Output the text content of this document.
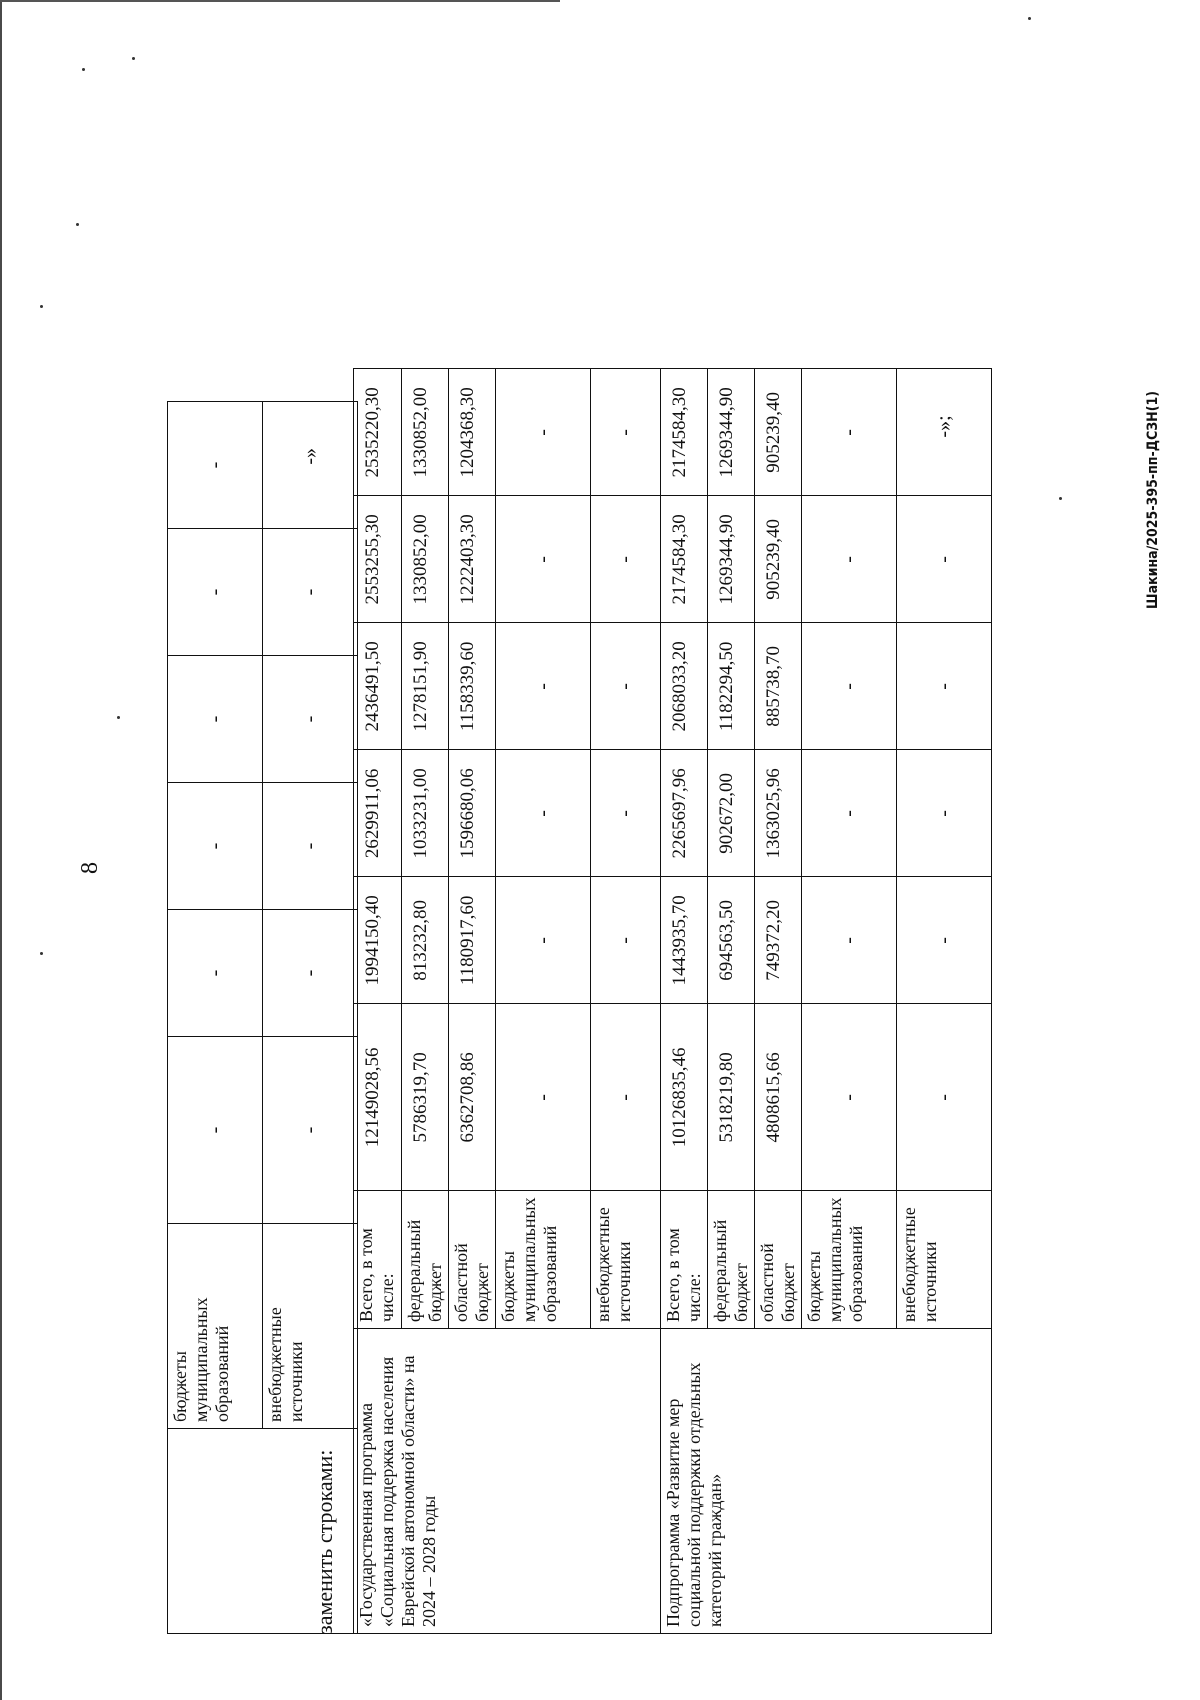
8
	бюджеты муниципальных образований	-	-	-	-	-	-
	внебюджетные источники	-	-	-	-	-	-»
заменить строками: «Государственная программа «Социальная поддержка населения Еврейской автономной области» на 2024 – 2028 годы	Всего, в том числе:	12149028,56	1994150,40	2629911,06	2436491,50	2553255,30	2535220,30
	федеральный бюджет	5786319,70	813232,80	1033231,00	1278151,90	1330852,00	1330852,00
	областной бюджет	6362708,86	1180917,60	1596680,06	1158339,60	1222403,30	1204368,30
	бюджеты муниципальных образований	-	-	-	-	-	-
	внебюджетные источники	-	-	-	-	-	-
Подпрограмма «Развитие мер социальной поддержки отдельных категорий граждан»	Всего, в том числе:	10126835,46	1443935,70	2265697,96	2068033,20	2174584,30	2174584,30
	федеральный бюджет	5318219,80	694563,50	902672,00	1182294,50	1269344,90	1269344,90
	областной бюджет	4808615,66	749372,20	1363025,96	885738,70	905239,40	905239,40
	бюджеты муниципальных образований	-	-	-	-	-	-
	внебюджетные источники	-	-	-	-	-	-»;	Шакина/2025-395-пп-ДСЗН(1)
